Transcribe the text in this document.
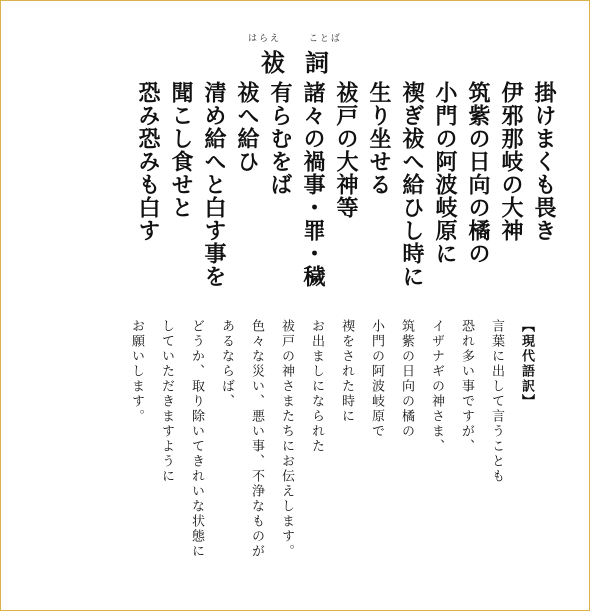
はらえ	ことば
祓詞
掛けまくも畏き
伊邪那岐の大神
筑紫の日向の橘の
小門の阿波岐原に
禊ぎ祓へ給ひし時に
生り坐せる
祓戸の大神等
諸々の禍事・罪・穢
有らむをば
祓へ給ひ
清め給へと白す事を
聞こし食せと
恐み恐みも白す
【現代語訳】
言葉に出して言うことも
恐れ多い事ですが、
イザナギの神さま、
筑紫の日向の橘の
小門の阿波岐原で
禊をされた時に
お出ましになられた
祓戸の神さまたちにお伝えします。
色々な災い、悪い事、不浄なものが
あるならば、
どうか、取り除いてきれいな状態に
していただきますように
お願いします。
